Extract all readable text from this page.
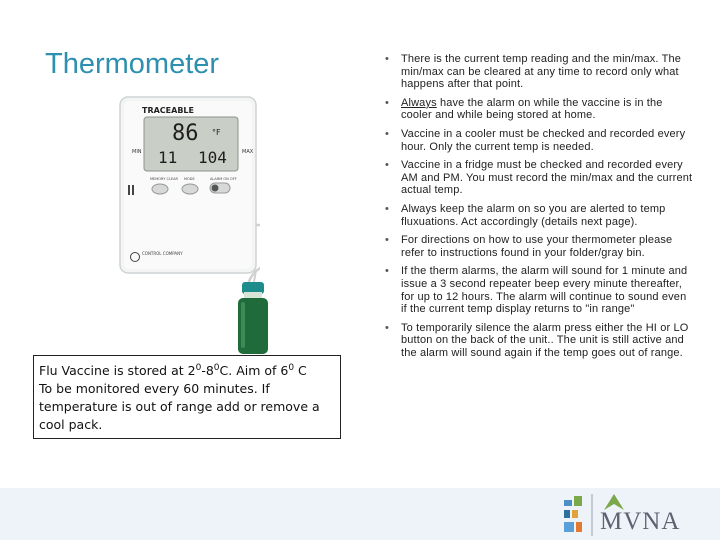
Thermometer
TRACEABLE
86 °F
MIN 11 104	MAX
MEMORY CLEAR MODE	ALARM ON OFF
CONTROL COMPANY
Flu Vaccine is stored at $2^0-8^0C$. Aim of $6^0$ C
To be monitored every 60 minutes. If
temperature is out of range add or remove a
cool pack.
• There is the current temp reading and the min/max. The min/max can be cleared at any time to record only what happens after that point.
• Always have the alarm on while the vaccine is in the cooler and while being stored at home.
• Vaccine in a cooler must be checked and recorded every hour. Only the current temp is needed.
• Vaccine in a fridge must be checked and recorded every AM and PM. You must record the min/max and the current actual temp.
• Always keep the alarm on so you are alerted to temp fluxuations. Act accordingly (details next page).
• For directions on how to use your thermometer please refer to instructions found in your folder/gray bin.
• If the therm alarms, the alarm will sound for 1 minute and issue a 3 second repeater beep every minute thereafter, for up to 12 hours. The alarm will continue to sound even if the current temp display returns to "in range"
• To temporarily silence the alarm press either the HI or LO button on the back of the unit.. The unit is still active and the alarm will sound again if the temp goes out of range.
MVNA
